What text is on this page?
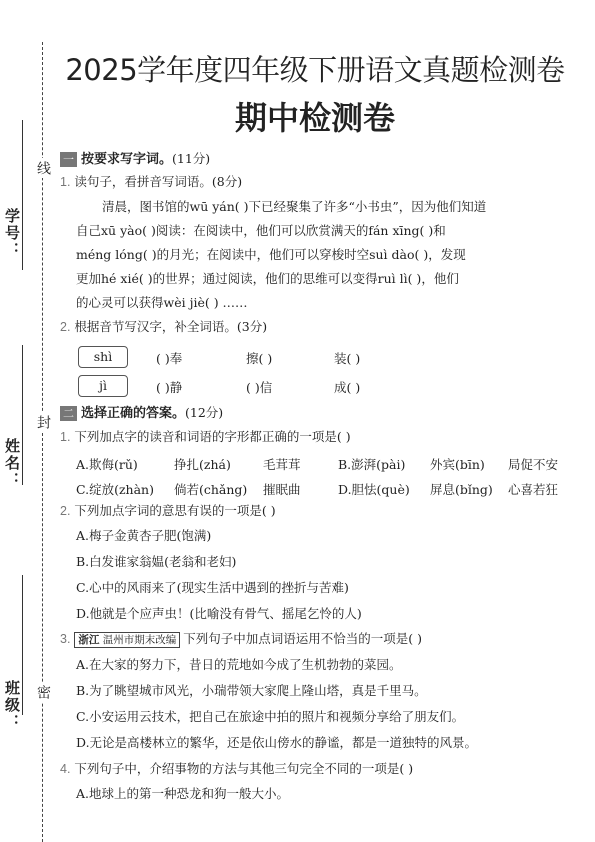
学号：
姓名：
班级：
线
封
密
2025学年度四年级下册语文真题检测卷
期中检测卷
一 按要求写字词。(11分)
1. 读句子，看拼音写词语。(8分)
清晨，图书馆的wū yán( )下已经聚集了许多“小书虫”，因为他们知道
自己xū yào( )阅读：在阅读中，他们可以欣赏满天的fán xīng( )和
méng lóng( )的月光；在阅读中，他们可以穿梭时空suì dào( )，发现
更加hé xié( )的世界；通过阅读，他们的思维可以变得ruì lì( )，他们
的心灵可以获得wèi jiè( ) ……
2. 根据音节写汉字，补全词语。(3分)
shì	( )奉	擦( )	装( )
jì	( )静	( )信	成( )
二 选择正确的答案。(12分)
1. 下列加点字的读音和词语的字形都正确的一项是( )
A.欺侮(rǔ)	挣扎(zhá)	毛茸茸	B.澎湃(pài) 外宾(bīn) 局促不安
C.绽放(zhàn) 倘若(chǎng) 摧眠曲	D.胆怯(què) 屏息(bǐng) 心喜若狂
2. 下列加点字词的意思有误的一项是( )
A.梅子金黄杏子肥(饱满)
B.白发谁家翁媪(老翁和老妇)
C.心中的风雨来了(现实生活中遇到的挫折与苦难)
D.他就是个应声虫！(比喻没有骨气、摇尾乞怜的人)
3. 浙江 温州市期末改编 下列句子中加点词语运用不恰当的一项是( )
A.在大家的努力下，昔日的荒地如今成了生机勃勃的菜园。
B.为了眺望城市风光，小瑞带领大家爬上隆山塔，真是千里马。
C.小安运用云技术，把自己在旅途中拍的照片和视频分享给了朋友们。
D.无论是高楼林立的繁华，还是依山傍水的静谧，都是一道独特的风景。
4. 下列句子中，介绍事物的方法与其他三句完全不同的一项是( )
A.地球上的第一种恐龙和狗一般大小。
